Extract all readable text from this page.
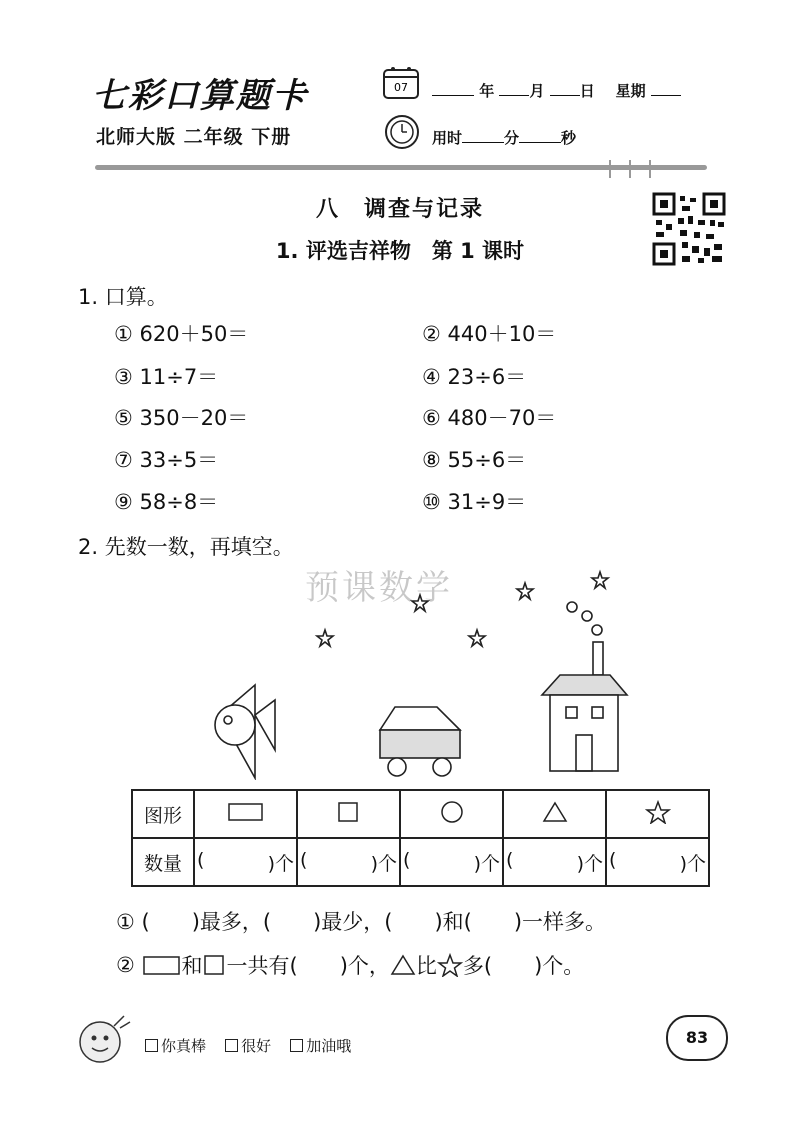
七彩口算题卡
北师大版 二年级 下册
07	年 月 日 星期
用时	分	秒
八　调查与记录
1. 评选吉祥物　第 1 课时
1. 口算。
① 620＋50＝	② 440＋10＝
③ 11÷7＝	④ 23÷6＝
⑤ 350－20＝	⑥ 480－70＝
⑦ 33÷5＝	⑧ 55÷6＝
⑨ 58÷8＝	⑩ 31÷9＝
2. 先数一数，再填空。
预课数学
图形					
数量	( )个	( )个	( )个	( )个	( )个
① (　　)最多，(　　)最少，(　　)和(　　)一样多。
②
和 一共有(　　)个， 比 多(　　)个。
你真棒 很好 加油哦	83
